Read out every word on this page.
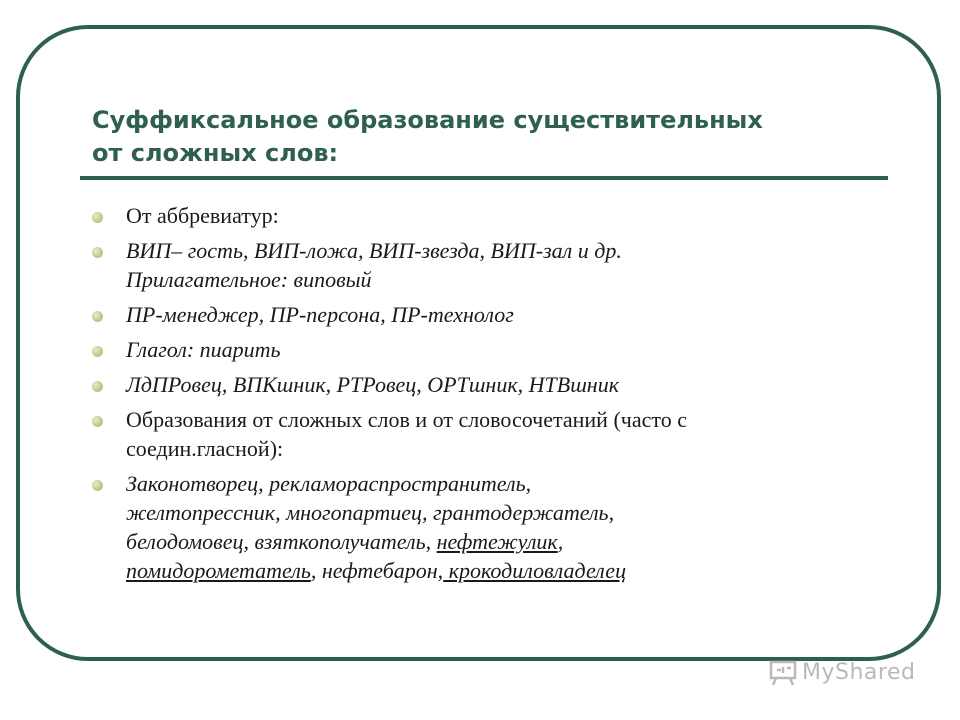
Суффиксальное образование существительных
от сложных слов:
От аббревиатур:
ВИП– гость, ВИП-ложа, ВИП-звезда, ВИП-зал и др.
Прилагательное: виповый
ПР-менеджер, ПР-персона, ПР-технолог
Глагол: пиарить
ЛдПРовец, ВПКшник, РТРовец, ОРТшник, НТВшник
Образования от сложных слов и от словосочетаний (часто с
соедин.гласной):
Законотворец, рекламораспространитель,
желтопрессник, многопартиец, грантодержатель,
белодомовец, взяткополучатель, нефтежулик,
помидорометатель, нефтебарон, крокодиловладелец
MyShared
